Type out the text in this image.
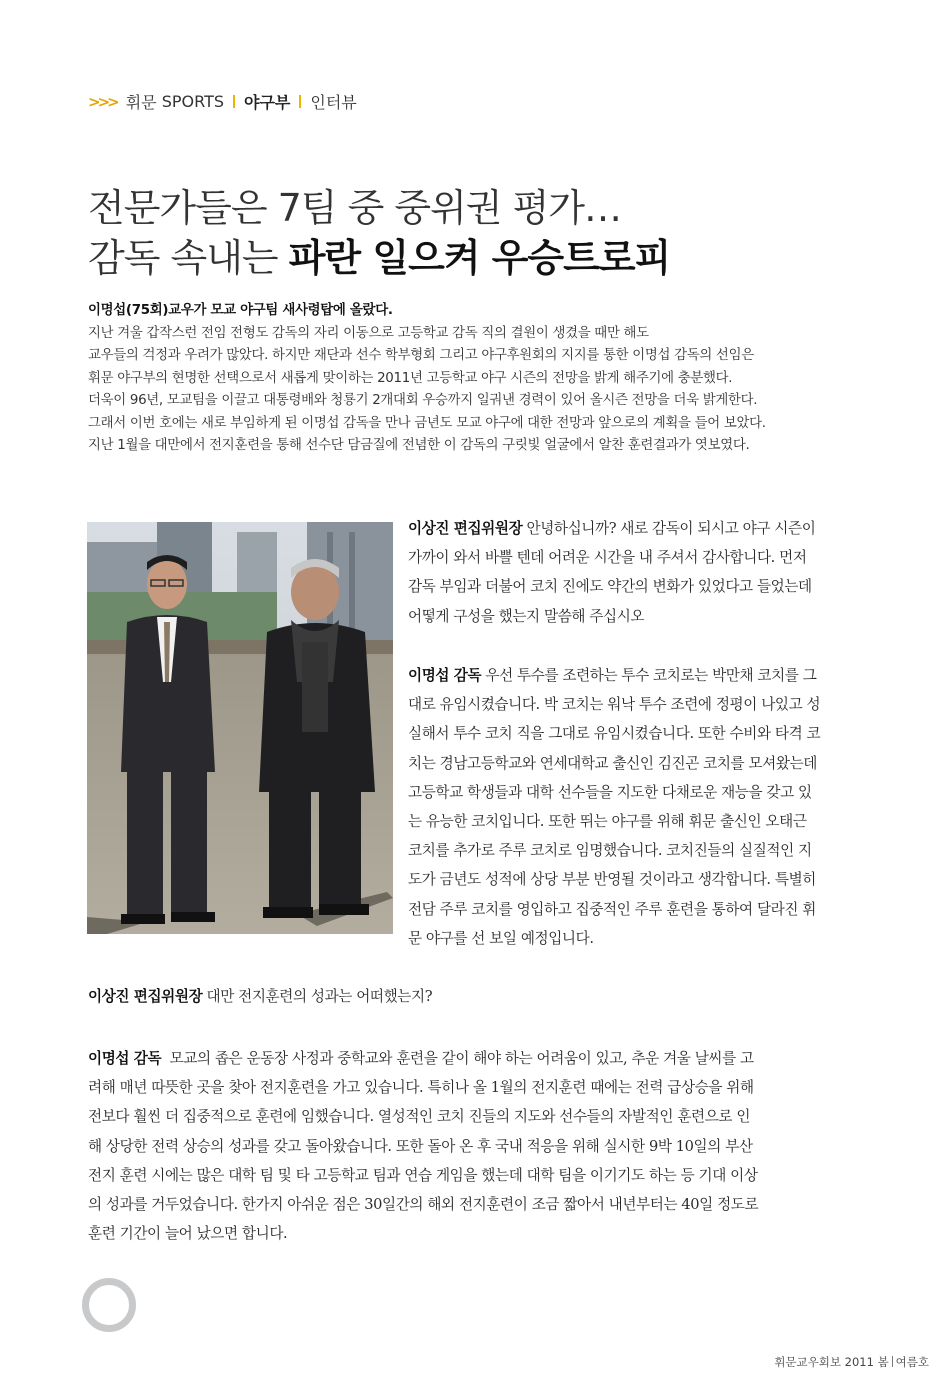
>>> 휘문
SPORTS 야구부 인터뷰
전문가들은 7팀 중 중위권 평가…
감독 속내는 파란 일으켜 우승트로피
이명섭(75회)교우가 모교 야구팀 새사령탑에 올랐다.
지난 겨울 갑작스런 전임 전형도 감독의 자리 이동으로 고등학교 감독 직의 결원이 생겼을 때만 해도
교우들의 걱정과 우려가 많았다. 하지만 재단과 선수 학부형회 그리고 야구후원회의 지지를 통한 이명섭 감독의 선임은
휘문 야구부의 현명한 선택으로서 새롭게 맞이하는 2011년 고등학교 야구 시즌의 전망을 밝게 해주기에 충분했다.
더욱이 96년, 모교팀을 이끌고 대통령배와 청룡기 2개대회 우승까지 일궈낸 경력이 있어 올시즌 전망을 더욱 밝게한다.
그래서 이번 호에는 새로 부임하게 된 이명섭 감독을 만나 금년도 모교 야구에 대한 전망과 앞으로의 계획을 들어 보았다.
지난 1월을 대만에서 전지훈련을 통해 선수단 담금질에 전념한 이 감독의 구릿빛 얼굴에서 알찬 훈련결과가 엿보였다.
이상진 편집위원장 안녕하십니까? 새로 감독이 되시고 야구 시즌이
가까이 와서 바쁠 텐데 어려운 시간을 내 주셔서 감사합니다. 먼저
감독 부임과 더불어 코치 진에도 약간의 변화가 있었다고 들었는데
어떻게 구성을 했는지 말씀해 주십시오
이명섭 감독 우선 투수를 조련하는 투수 코치로는 박만채 코치를 그
대로 유임시켰습니다. 박 코치는 워낙 투수 조련에 정평이 나있고 성
실해서 투수 코치 직을 그대로 유임시켰습니다. 또한 수비와 타격 코
치는 경남고등학교와 연세대학교 출신인 김진곤 코치를 모셔왔는데
고등학교 학생들과 대학 선수들을 지도한 다채로운 재능을 갖고 있
는 유능한 코치입니다. 또한 뛰는 야구를 위해 휘문 출신인 오태근
코치를 추가로 주루 코치로 임명했습니다. 코치진들의 실질적인 지
도가 금년도 성적에 상당 부분 반영될 것이라고 생각합니다. 특별히
전담 주루 코치를 영입하고 집중적인 주루 훈련을 통하여 달라진 휘
문 야구를 선 보일 예정입니다.
이상진 편집위원장 대만 전지훈련의 성과는 어떠했는지?
이명섭 감독 모교의 좁은 운동장 사정과 중학교와 훈련을 같이 해야 하는 어려움이 있고, 추운 겨울 날씨를 고
려해 매년 따뜻한 곳을 찾아 전지훈련을 가고 있습니다. 특히나 올 1월의 전지훈련 때에는 전력 급상승을 위해
전보다 훨씬 더 집중적으로 훈련에 임했습니다. 열성적인 코치 진들의 지도와 선수들의 자발적인 훈련으로 인
해 상당한 전력 상승의 성과를 갖고 돌아왔습니다. 또한 돌아 온 후 국내 적응을 위해 실시한 9박 10일의 부산
전지 훈련 시에는 많은 대학 팀 및 타 고등학교 팀과 연습 게임을 했는데 대학 팀을 이기기도 하는 등 기대 이상
의 성과를 거두었습니다. 한가지 아쉬운 점은 30일간의 해외 전지훈련이 조금 짧아서 내년부터는 40일 정도로
훈련 기간이 늘어 났으면 합니다.
휘문교우회보 2011 봄 여름호
